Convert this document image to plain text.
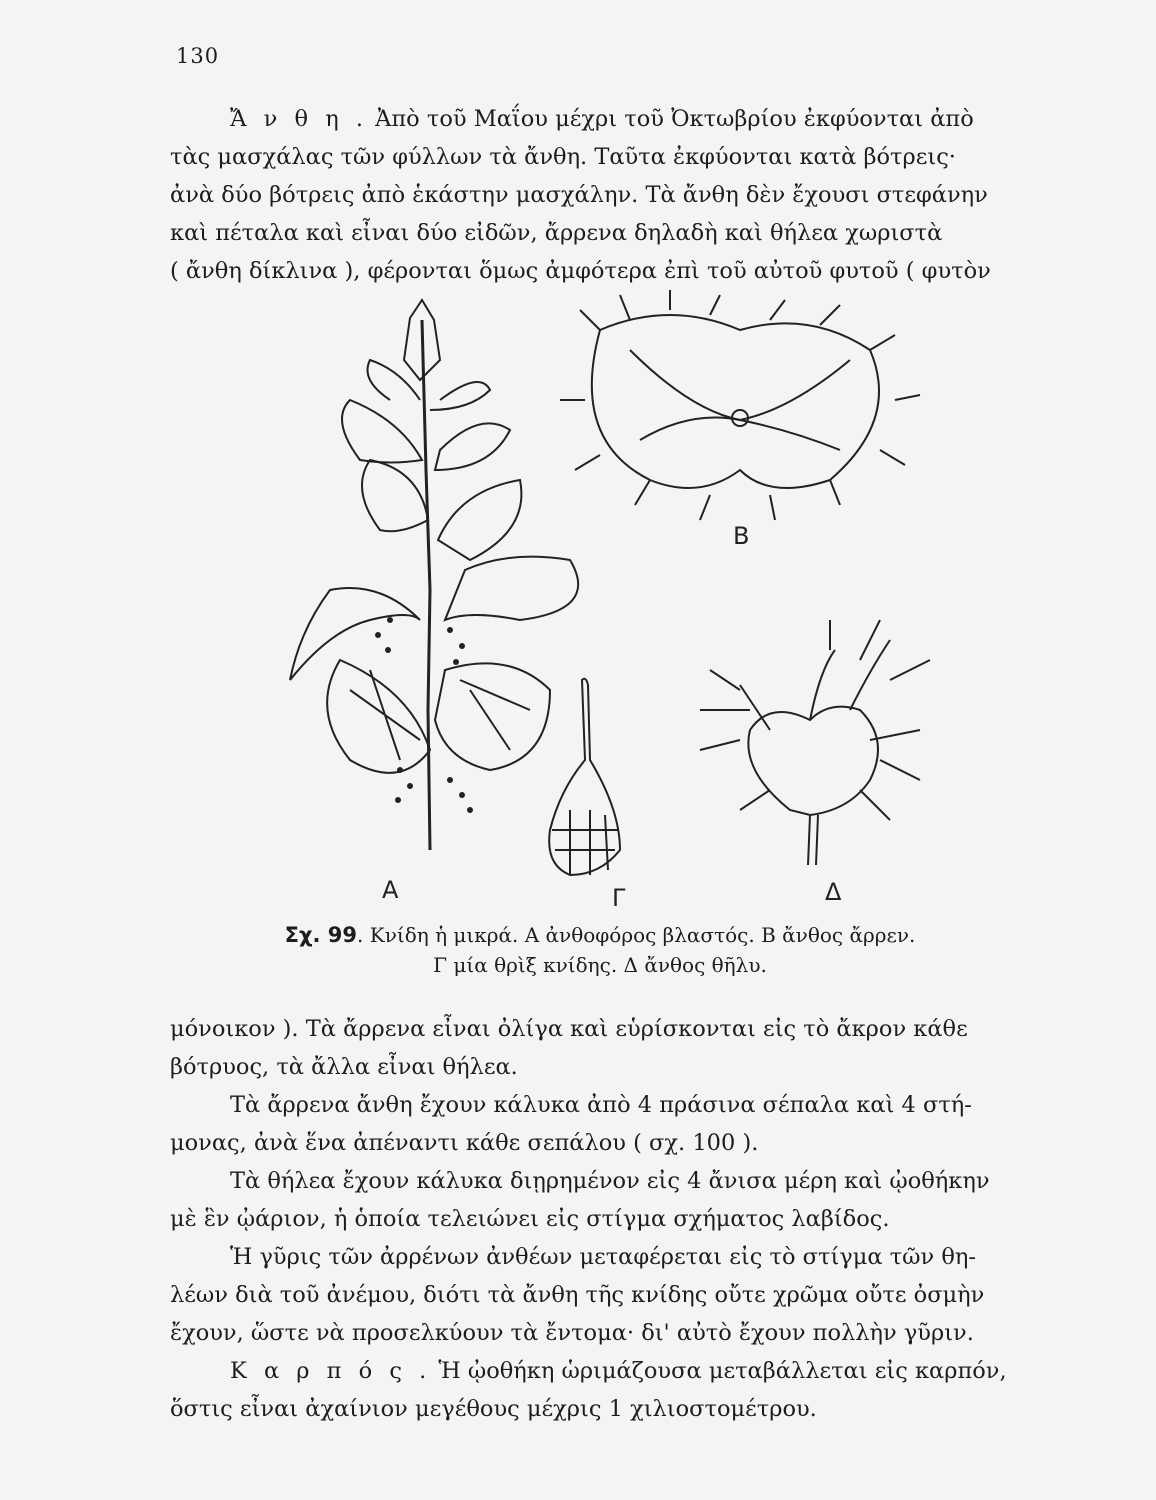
130
Ἄ ν θ η . Ἀπὸ τοῦ Μαΐου μέχρι τοῦ Ὀκτωβρίου ἐκφύονται ἀπὸ
τὰς μασχάλας τῶν φύλλων τὰ ἄνθη. Ταῦτα ἐκφύονται κατὰ βότρεις·
ἀνὰ δύο βότρεις ἀπὸ ἑκάστην μασχάλην. Τὰ ἄνθη δὲν ἔχουσι στεφάνην
καὶ πέταλα καὶ εἶναι δύο εἰδῶν, ἄρρενα δηλαδὴ καὶ θήλεα χωριστὰ
( ἄνθη δίκλινα ), φέρονται ὅμως ἀμφότερα ἐπὶ τοῦ αὐτοῦ φυτοῦ ( φυτὸν
Α
Β
Γ	Δ
Σχ. 99. Κνίδη ἡ μικρά. Α ἀνθοφόρος βλαστός. Β ἄνθος ἄρρεν.
Γ μία θρὶξ κνίδης. Δ ἄνθος θῆλυ.
μόνοικον ). Τὰ ἄρρενα εἶναι ὀλίγα καὶ εὑρίσκονται εἰς τὸ ἄκρον κάθε
βότρυος, τὰ ἄλλα εἶναι θήλεα.
Τὰ ἄρρενα ἄνθη ἔχουν κάλυκα ἀπὸ 4 πράσινα σέπαλα καὶ 4 στή-
μονας, ἀνὰ ἕνα ἀπέναντι κάθε σεπάλου ( σχ. 100 ).
Τὰ θήλεα ἔχουν κάλυκα διῃρημένον εἰς 4 ἄνισα μέρη καὶ ᾠοθήκην
μὲ ἓν ᾠάριον, ἡ ὁποία τελειώνει εἰς στίγμα σχήματος λαβίδος.
Ἡ γῦρις τῶν ἀρρένων ἀνθέων μεταφέρεται εἰς τὸ στίγμα τῶν θη-
λέων διὰ τοῦ ἀνέμου, διότι τὰ ἄνθη τῆς κνίδης οὔτε χρῶμα οὔτε ὀσμὴν
ἔχουν, ὥστε νὰ προσελκύουν τὰ ἔντομα· δι' αὐτὸ ἔχουν πολλὴν γῦριν.
Κ α ρ π ό ς . Ἡ ᾠοθήκη ὡριμάζουσα μεταβάλλεται εἰς καρπόν,
ὅστις εἶναι ἀχαίνιον μεγέθους μέχρις 1 χιλιοστομέτρου.
